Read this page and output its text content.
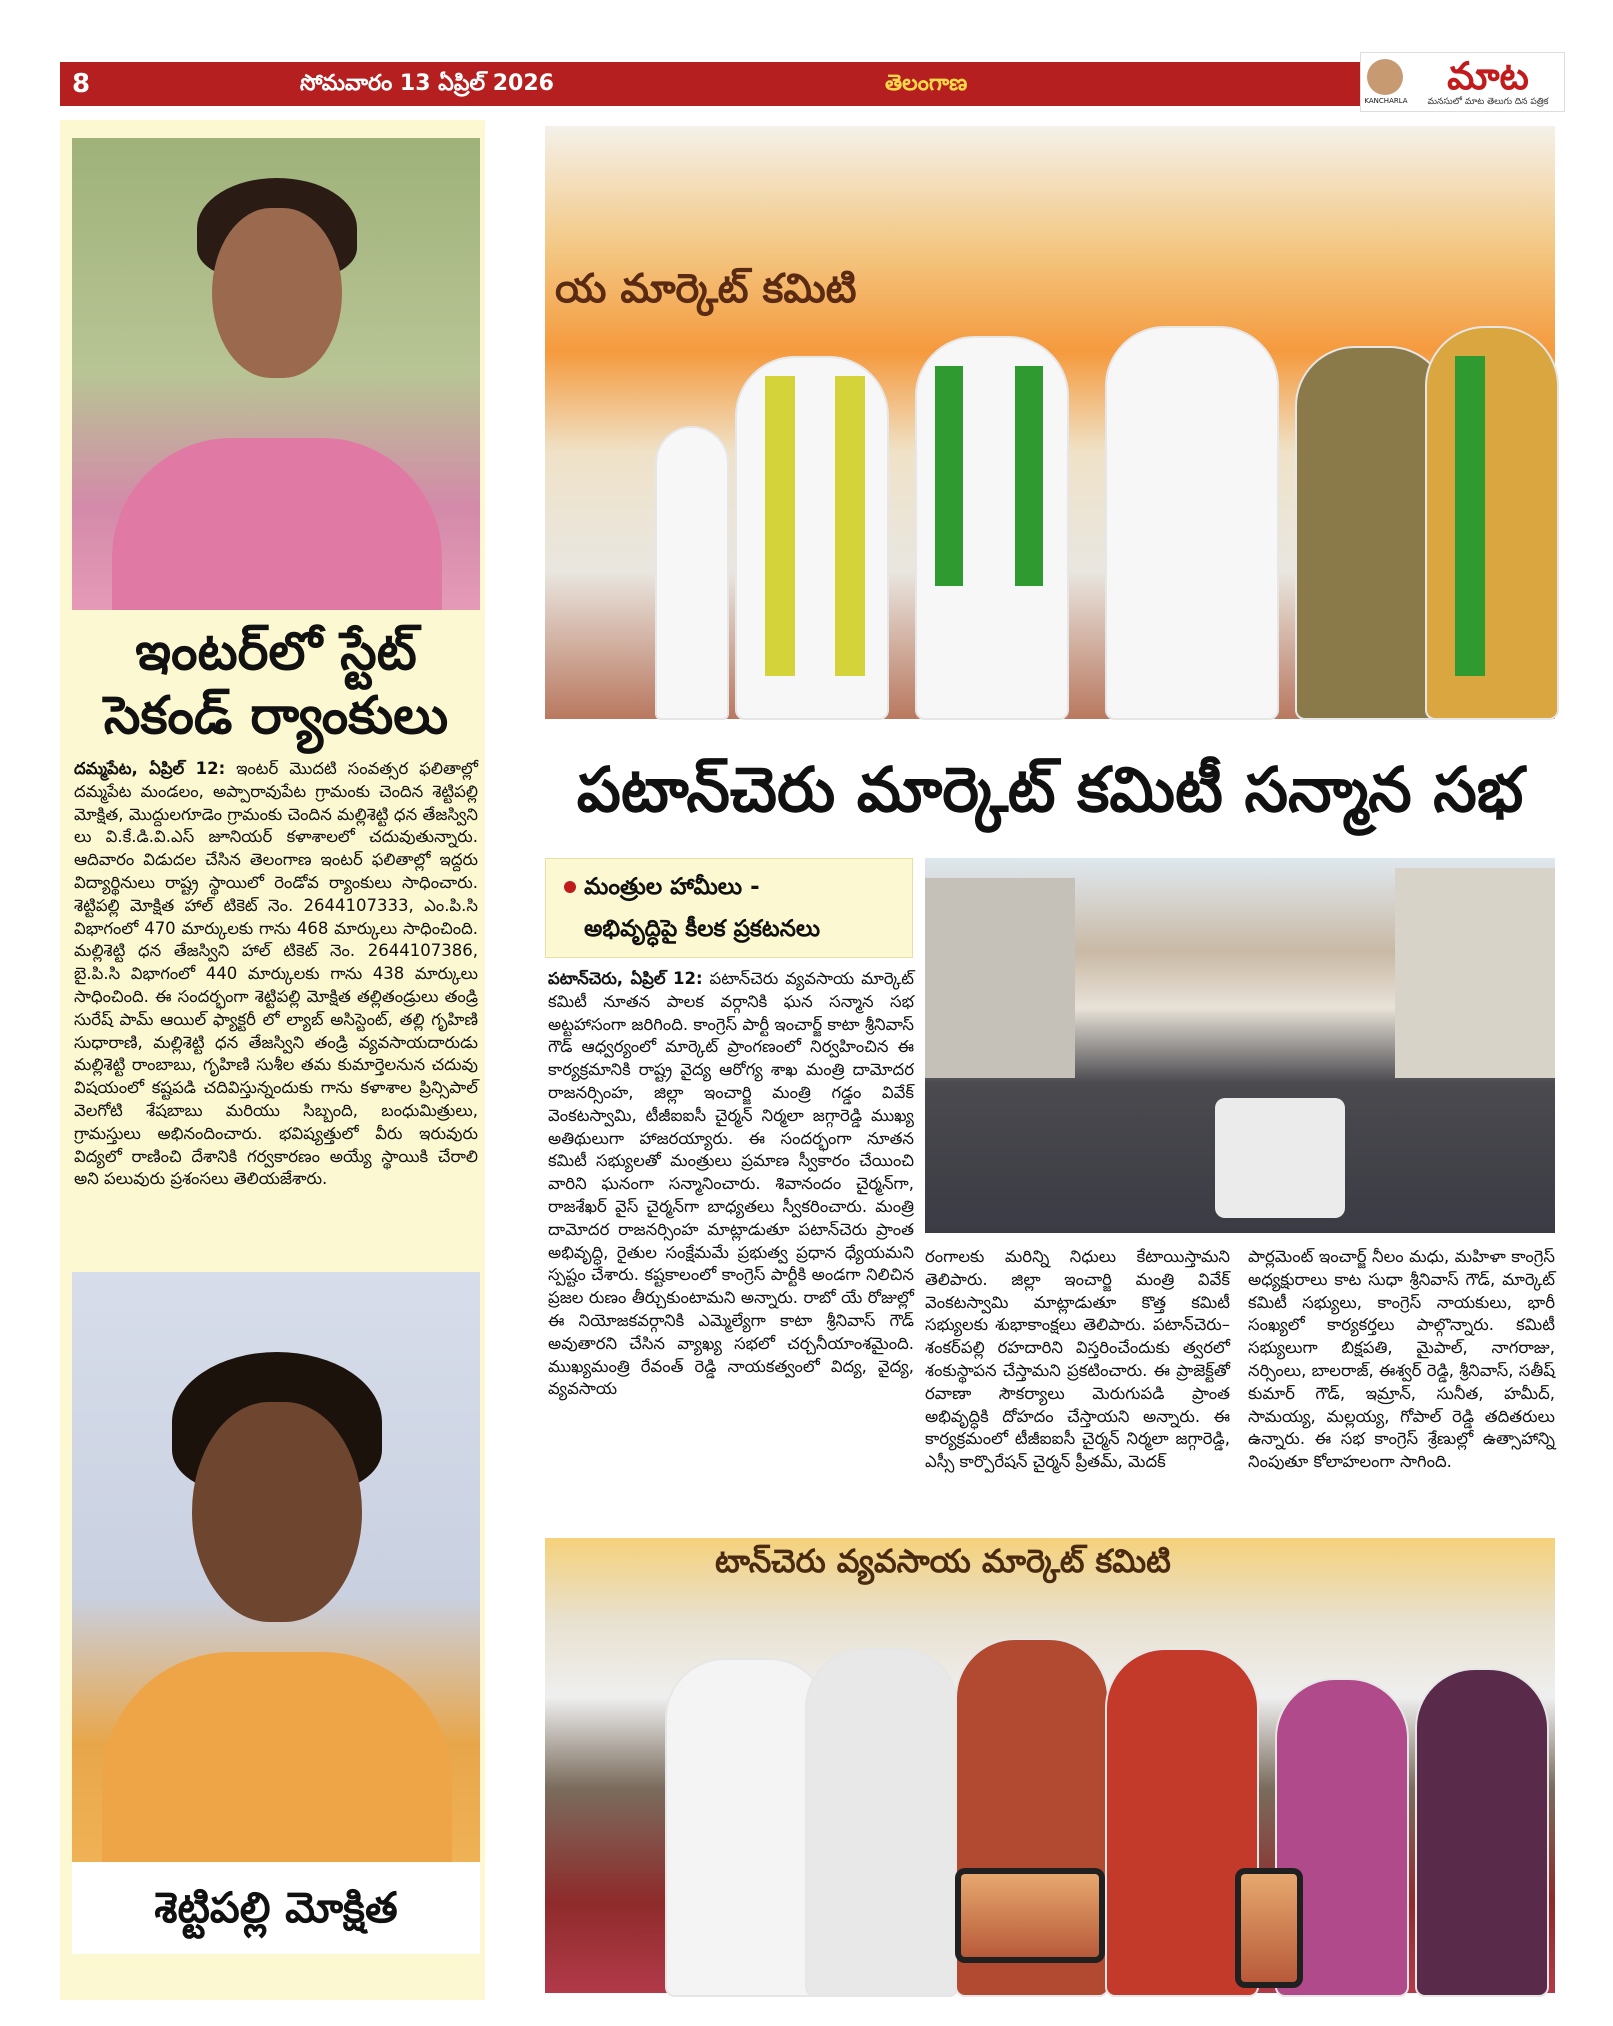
8	సోమవారం 13 ఏప్రిల్ 2026	తెలంగాణ
KANCHARLA
మాట
మనసులో మాట తెలుగు దిన పత్రిక
ఇంటర్‌లో స్టేట్
సెకండ్ ర్యాంకులు
దమ్మపేట, ఏప్రిల్ 12: ఇంటర్ మొదటి సంవత్సర ఫలితాల్లో దమ్మపేట మండలం, అప్పారావుపేట గ్రామంకు చెందిన శెట్టిపల్లి మోక్షిత, మొద్దులగూడెం గ్రామంకు చెందిన మల్లిశెట్టి ధన తేజస్విని లు వి.కే.డి.వి.ఎస్ జూనియర్ కళాశాలలో చదువుతున్నారు. ఆదివారం విడుదల చేసిన తెలంగాణ ఇంటర్ ఫలితాల్లో ఇద్దరు విద్యార్థినులు రాష్ట్ర స్థాయిలో రెండోవ ర్యాంకులు సాధించారు. శెట్టిపల్లి మోక్షిత హాల్ టికెట్ నెం. 2644107333, ఎం.పి.సి విభాగంలో 470 మార్కులకు గాను 468 మార్కులు సాధించింది. మల్లిశెట్టి ధన తేజస్విని హాల్ టికెట్ నెం. 2644107386, బై.పి.సి విభాగంలో 440 మార్కులకు గాను 438 మార్కులు సాధించింది. ఈ సందర్భంగా శెట్టిపల్లి మోక్షిత తల్లితండ్రులు తండ్రి సురేష్ పామ్ ఆయిల్ ఫ్యాక్టరీ లో ల్యాబ్ అసిస్టెంట్, తల్లి గృహిణి సుధారాణి, మల్లిశెట్టి ధన తేజస్విని తండ్రి వ్యవసాయదారుడు మల్లిశెట్టి రాంబాబు, గృహిణి సుశీల తమ కుమార్తెలనున చదువు విషయంలో కష్టపడి చదివిస్తున్నందుకు గాను కళాశాల ప్రిన్సిపాల్ వెలగోటి శేషబాబు మరియు సిబ్బంది, బంధుమిత్రులు, గ్రామస్తులు అభినందించారు. భవిష్యత్తులో వీరు ఇరువురు విద్యలో రాణించి దేశానికి గర్వకారణం అయ్యే స్థాయికి చేరాలి అని పలువురు ప్రశంసలు తెలియజేశారు.
శెట్టిపల్లి మోక్షిత
య మార్కెట్ కమిటి
పటాన్‌చెరు మార్కెట్ కమిటీ సన్మాన సభ
మంత్రుల హామీలు -
అభివృద్ధిపై కీలక ప్రకటనలు
పటాన్‌చెరు, ఏప్రిల్ 12: పటాన్‌చెరు వ్యవసాయ మార్కెట్ కమిటీ నూతన పాలక వర్గానికి ఘన సన్మాన సభ అట్టహాసంగా జరిగింది. కాంగ్రెస్ పార్టీ ఇంచార్జ్ కాటా శ్రీనివాస్ గౌడ్ ఆధ్వర్యంలో మార్కెట్ ప్రాంగణంలో నిర్వహించిన ఈ కార్యక్రమానికి రాష్ట్ర వైద్య ఆరోగ్య శాఖ మంత్రి దామోదర రాజనర్సింహ, జిల్లా ఇంచార్జి మంత్రి గడ్డం వివేక్ వెంకటస్వామి, టీజీఐఐసీ చైర్మన్ నిర్మలా జగ్గారెడ్డి ముఖ్య అతిథులుగా హాజరయ్యారు. ఈ సందర్భంగా నూతన కమిటీ సభ్యులతో మంత్రులు ప్రమాణ స్వీకారం చేయించి వారిని ఘనంగా సన్మానించారు. శివానందం చైర్మన్‌గా, రాజశేఖర్ వైస్ చైర్మన్‌గా బాధ్యతలు స్వీకరించారు. మంత్రి దామోదర రాజనర్సింహ మాట్లాడుతూ పటాన్‌చెరు ప్రాంత అభివృద్ధి, రైతుల సంక్షేమమే ప్రభుత్వ ప్రధాన ధ్యేయమని స్పష్టం చేశారు. కష్టకాలంలో కాంగ్రెస్ పార్టీకి అండగా నిలిచిన ప్రజల రుణం తీర్చుకుంటామని అన్నారు. రాబో యే రోజుల్లో ఈ నియోజకవర్గానికి ఎమ్మెల్యేగా కాటా శ్రీనివాస్ గౌడ్ అవుతారని చేసిన వ్యాఖ్య సభలో చర్చనీయాంశమైంది. ముఖ్యమంత్రి రేవంత్ రెడ్డి నాయకత్వంలో విద్య, వైద్య, వ్యవసాయ
రంగాలకు మరిన్ని నిధులు కేటాయిస్తామని తెలిపారు. జిల్లా ఇంచార్జి మంత్రి వివేక్ వెంకటస్వామి మాట్లాడుతూ కొత్త కమిటీ సభ్యులకు శుభాకాంక్షలు తెలిపారు. పటాన్‌చెరు–శంకర్‌పల్లి రహదారిని విస్తరించేందుకు త్వరలో శంకుస్థాపన చేస్తామని ప్రకటించారు. ఈ ప్రాజెక్ట్‌తో రవాణా సౌకర్యాలు మెరుగుపడి ప్రాంత అభివృద్ధికి దోహదం చేస్తాయని అన్నారు. ఈ కార్యక్రమంలో టీజీఐఐసీ చైర్మన్ నిర్మలా జగ్గారెడ్డి, ఎస్సీ కార్పొరేషన్ చైర్మన్ ప్రీతమ్, మెదక్
పార్లమెంట్ ఇంచార్జ్ నీలం మధు, మహిళా కాంగ్రెస్ అధ్యక్షురాలు కాట సుధా శ్రీనివాస్ గౌడ్, మార్కెట్ కమిటీ సభ్యులు, కాంగ్రెస్ నాయకులు, భారీ సంఖ్యలో కార్యకర్తలు పాల్గొన్నారు. కమిటీ సభ్యులుగా బిక్షపతి, మైపాల్, నాగరాజు, నర్సింలు, బాలరాజ్, ఈశ్వర్ రెడ్డి, శ్రీనివాస్, సతీష్ కుమార్ గౌడ్, ఇమ్రాన్, సునీత, హమీద్, సామయ్య, మల్లయ్య, గోపాల్ రెడ్డి తదితరులు ఉన్నారు. ఈ సభ కాంగ్రెస్ శ్రేణుల్లో ఉత్సాహాన్ని నింపుతూ కోలాహలంగా సాగింది.
టాన్‌చెరు వ్యవసాయ మార్కెట్ కమిటి
